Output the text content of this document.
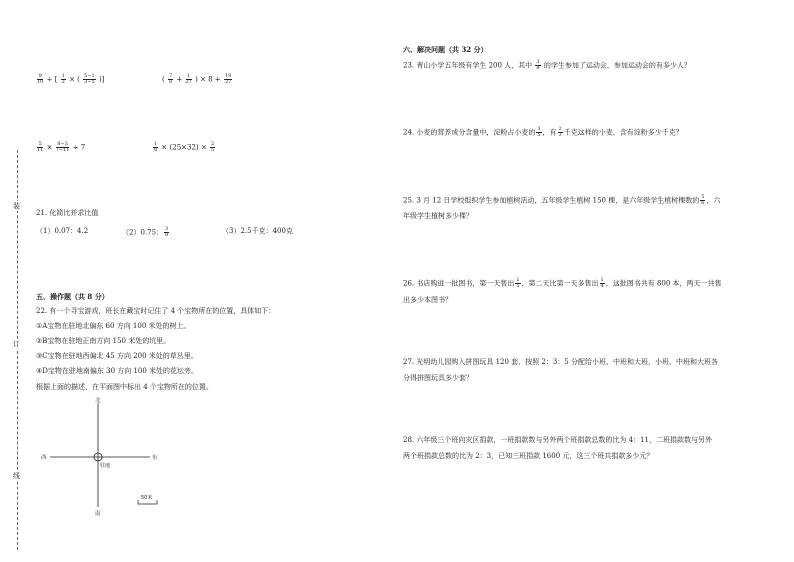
装
订
线
$\frac{9}{10}$ ÷ [ $\frac{1}{2}$ × ( $\frac{5-1}{3-5}$ )]	( $\frac{7}{8} + \frac{1}{27}$ ) × $8 + \frac{19}{27}$
$\frac{5}{11} \times \frac{8-3}{7-11} \div 7$	$\frac{1}{8} \times (25\times 32) \times \frac{2}{5}$
21. 化简比并求比值
（1）0.07：4.2	（2）0.75： $\frac{3}{8}$	（3）2.5千克：400克
五、操作题（共 8 分）
22. 有一个寻宝游戏，班长在藏宝时记住了 4 个宝物所在的位置，具体如下：
①A宝物在驻地北偏东 60 方向 100 米处的树上。
②B宝物在驻地正南方向 150 米处的坑里。
③C宝物在驻地西偏北 45 方向 200 米处的草丛里。
④D宝物在驻地南偏东 30 方向 100 米处的花坛旁。
根据上面的描述，在平面图中标出 4 个宝物所在的位置。
北
南
西	东
驻地
50米
六、解决问题（共 32 分）
23. 青山小学五年级有学生 200 人，其中 $\frac{3}{8}$ 的学生参加了运动会，参加运动会的有多少人？
24. 小麦的营养成分含量中，淀粉占小麦的 $\frac{3}{5}$ ，有 $\frac{2}{3}$ 千克这样的小麦，含有淀粉多少千克？
25. 3 月 12 日学校组织学生参加植树活动，五年级学生植树 150 棵，是六年级学生植树棵数的 $\frac{5}{6}$ ，六
年级学生植树多少棵？
26. 书店购进一批图书，第一天售出 $\frac{1}{5}$ ，第二天比第一天多售出 $\frac{1}{4}$ ，这批图书共有 800 本，两天一共售
出多少本图书？
27. 光明幼儿园购入拼图玩具 120 套，按照 2：3：5 分配给小班、中班和大班，小班、中班和大班各
分得拼图玩具多少套？
28. 六年级三个班向灾区捐款，一班捐款数与另外两个班捐款总数的比为 4：11，二班捐款数与另外
两个班捐款总数的比为 2：3，已知三班捐款 1600 元，这三个班共捐款多少元？
